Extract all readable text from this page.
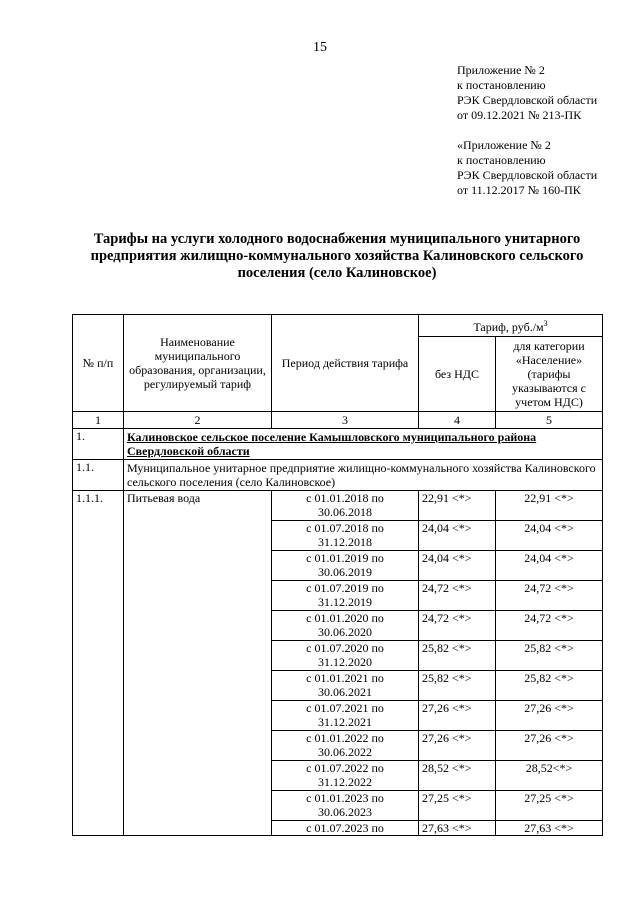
15
Приложение № 2
к постановлению
РЭК Свердловской области
от 09.12.2021 № 213-ПК
«Приложение № 2
к постановлению
РЭК Свердловской области
от 11.12.2017 № 160-ПК
Тарифы на услуги холодного водоснабжения муниципального унитарного предприятия жилищно-коммунального хозяйства Калиновского сельского поселения (село Калиновское)
№ п/п	Наименование муниципального образования, организации, регулируемый тариф	Период действия тарифа	Тариф, $руб./м^3$
			без НДС	для категории «Население» (тарифы указываются с учетом НДС)
1	2	3	4	5
1.	Калиновское сельское поселение Камышловского муниципального района Свердловской области			
1.1.	Муниципальное унитарное предприятие жилищно-коммунального хозяйства Калиновского сельского поселения (село Калиновское)			
1.1.1.	Питьевая вода	с 01.01.2018 по
30.06.2018	22,91 <*>	22,91 <*>

		с 01.07.2018 по
31.12.2018	24,04 <*>	24,04 <*>

		с 01.01.2019 по
30.06.2019	24,04 <*>	24,04 <*>

		с 01.07.2019 по
31.12.2019	24,72 <*>	24,72 <*>

		с 01.01.2020 по
30.06.2020	24,72 <*>	24,72 <*>

		с 01.07.2020 по
31.12.2020	25,82 <*>	25,82 <*>

		с 01.01.2021 по
30.06.2021	25,82 <*>	25,82 <*>

		с 01.07.2021 по
31.12.2021	27,26 <*>	27,26 <*>

		с 01.01.2022 по
30.06.2022	27,26 <*>	27,26 <*>

		с 01.07.2022 по
31.12.2022	28,52 <*>	28,52<*>

		с 01.01.2023 по
30.06.2023	27,25 <*>	27,25 <*>
		с 01.07.2023 по	27,63 <*>	27,63 <*>
